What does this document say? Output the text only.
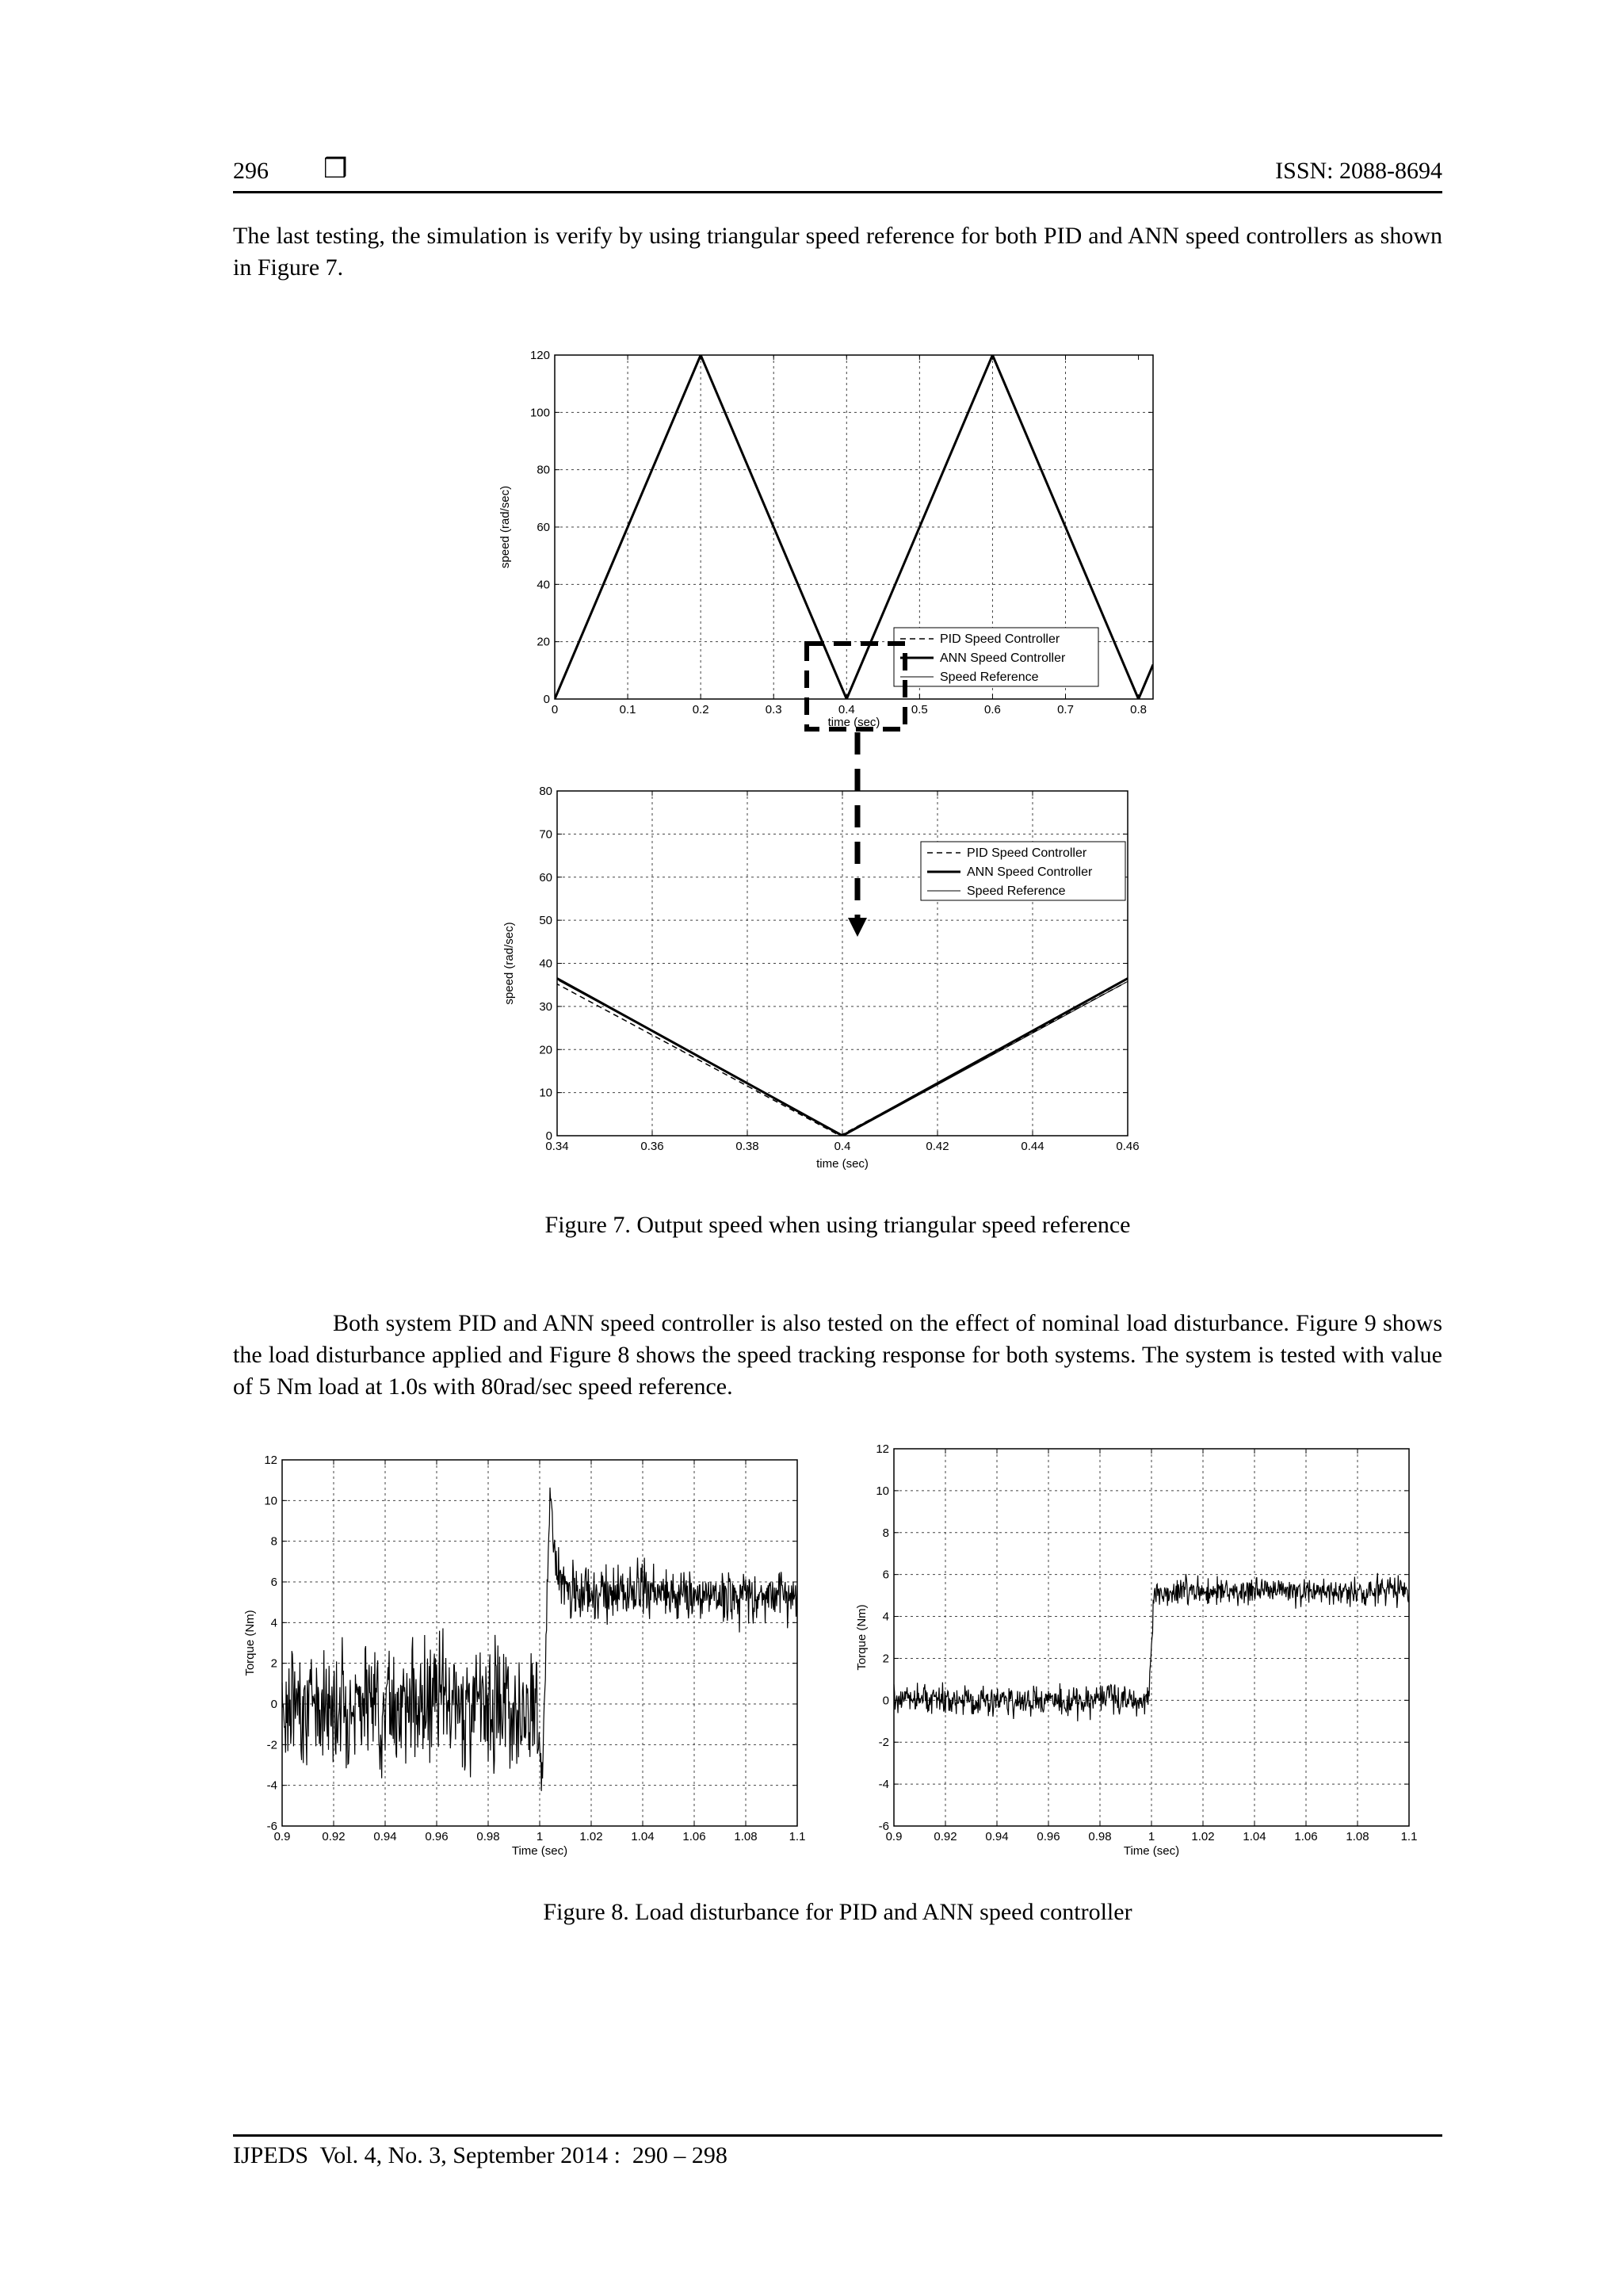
296 ❒	ISSN: 2088-8694
The last testing, the simulation is verify by using triangular speed reference for both PID and ANN speed controllers as shown in Figure 7.
0	0.1	0.2	0.3	0.4	0.5	0.6	0.7	0.8
0
20
40
60
80
100
120
time (sec)
speed (rad/sec)
PID Speed Controller
ANN Speed Controller
Speed Reference
0.34	0.36	0.38	0.4	0.42	0.44	0.46
0
10
20
30
40
50
60
70
80
time (sec)
speed (rad/sec)
PID Speed Controller
ANN Speed Controller
Speed Reference
Figure 7. Output speed when using triangular speed reference
Both system PID and ANN speed controller is also tested on the effect of nominal load disturbance. Figure 9 shows the load disturbance applied and Figure 8 shows the speed tracking response for both systems. The system is tested with value of 5 Nm load at 1.0s with 80rad/sec speed reference.
0.9	0.92 0.94 0.96 0.98	1	1.02 1.04 1.06 1.08	1.1
-6
-4
-2
0
2
4
6
8
10
12
Time (sec)
Torque (Nm)
0.9	0.92 0.94 0.96 0.98	1	1.02 1.04 1.06 1.08	1.1
-6
-4
-2
0
2
4
6
8
10
12
Time (sec)
Torque (Nm)
Figure 8. Load disturbance for PID and ANN speed controller
IJPEDS  Vol. 4, No. 3, September 2014 :  290 – 298
